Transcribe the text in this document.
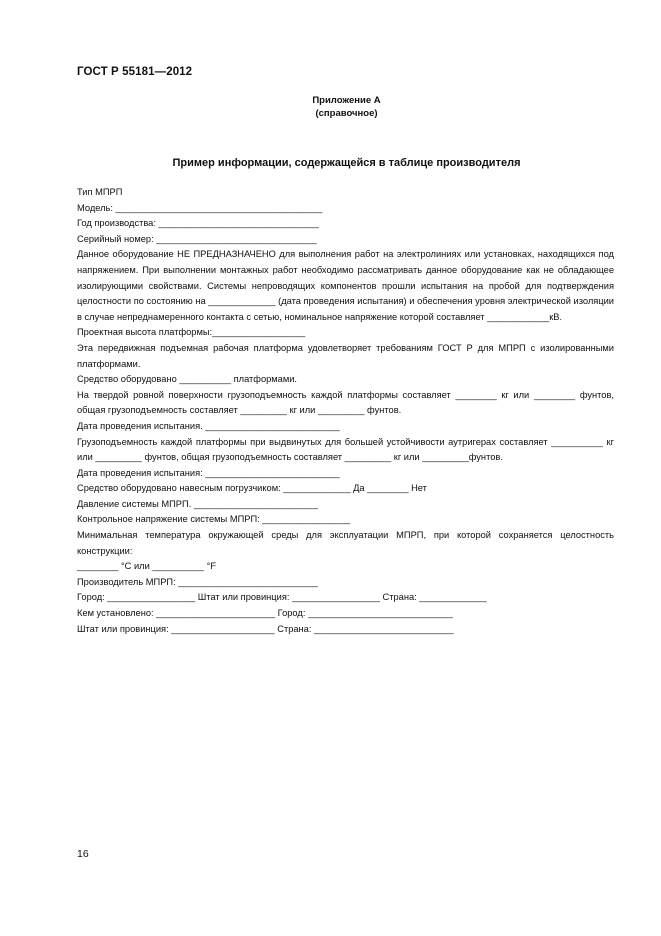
ГОСТ Р 55181—2012
Приложение А
(справочное)
Пример информации, содержащейся в таблице производителя
Тип МПРП
Модель: ________________________________________
Год производства: _______________________________
Серийный номер: _______________________________
Данное оборудование НЕ ПРЕДНАЗНАЧЕНО для выполнения работ на электролиниях или установках, находящихся под напряжением. При выполнении монтажных работ необходимо рассматривать данное оборудование как не обладающее изолирующими свойствами. Системы непроводящих компонентов прошли испытания на пробой для подтверждения целостности по состоянию на _____________ (дата проведения испытания) и обеспечения уровня электрической изоляции в случае непреднамеренного контакта с сетью, номинальное напряжение которой составляет ____________кВ.
Проектная высота платформы:__________________
Эта передвижная подъемная рабочая платформа удовлетворяет требованиям ГОСТ Р для МПРП с изолированными платформами.
Средство оборудовано __________ платформами.
На твердой ровной поверхности грузоподъемность каждой платформы составляет ________ кг или ________ фунтов, общая грузоподъемность составляет _________ кг или _________ фунтов.
Дата проведения испытания. __________________________
Грузоподъемность каждой платформы при выдвинутых для большей устойчивости аутригерах составляет __________ кг или _________ фунтов, общая грузоподъемность составляет _________ кг или _________фунтов.
Дата проведения испытания: __________________________
Средство оборудовано навесным погрузчиком: _____________ Да ________ Нет
Давление системы МПРП. ________________________
Контрольное напряжение системы МПРП: _________________
Минимальная температура окружающей среды для эксплуатации МПРП, при которой сохраняется целостность конструкции:
________ °C или __________ °F
Производитель МПРП: ___________________________
Город: _________________ Штат или провинция: _________________ Страна: _____________
Кем установлено: _______________________ Город: ____________________________
Штат или провинция: ____________________ Страна: ___________________________
16
